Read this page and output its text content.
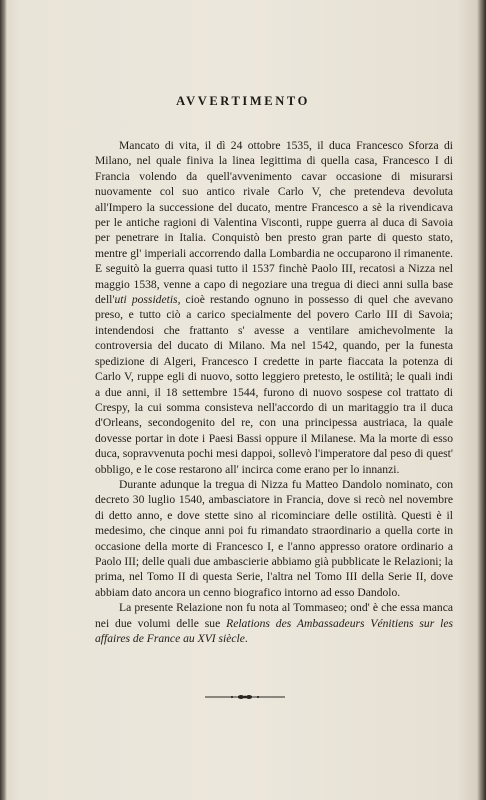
AVVERTIMENTO

Mancato di vita, il dì 24 ottobre 1535, il duca Francesco Sforza di Milano, nel quale finiva la linea legittima di quella casa, Francesco I di Francia volendo da quell'avvenimento cavar occasione di misurarsi nuovamente col suo antico rivale Carlo V, che pretendeva devoluta all'Impero la successione del ducato, mentre Francesco a sè la rivendicava per le antiche ragioni di Valentina Visconti, ruppe guerra al duca di Savoia per penetrare in Italia. Conquistò ben presto gran parte di questo stato, mentre gl' imperiali accorrendo dalla Lombardia ne occuparono il rimanente. E seguitò la guerra quasi tutto il 1537 finchè Paolo III, recatosi a Nizza nel maggio 1538, venne a capo di negoziare una tregua di dieci anni sulla base dell'uti possidetis, cioè restando ognuno in possesso di quel che avevano preso, e tutto ciò a carico specialmente del povero Carlo III di Savoia; intendendosi che frattanto s' avesse a ventilare amichevolmente la controversia del ducato di Milano. Ma nel 1542, quando, per la funesta spedizione di Algeri, Francesco I credette in parte fiaccata la potenza di Carlo V, ruppe egli di nuovo, sotto leggiero pretesto, le ostilità; le quali indi a due anni, il 18 settembre 1544, furono di nuovo sospese col trattato di Crespy, la cui somma consisteva nell'accordo di un maritaggio tra il duca d'Orleans, secondogenito del re, con una principessa austriaca, la quale dovesse portar in dote i Paesi Bassi oppure il Milanese. Ma la morte di esso duca, sopravvenuta pochi mesi dappoi, sollevò l'imperatore dal peso di quest' obbligo, e le cose restarono all' incirca come erano per lo innanzi.

Durante adunque la tregua di Nizza fu Matteo Dandolo nominato, con decreto 30 luglio 1540, ambasciatore in Francia, dove si recò nel novembre di detto anno, e dove stette sino al ricominciare delle ostilità. Questi è il medesimo, che cinque anni poi fu rimandato straordinario a quella corte in occasione della morte di Francesco I, e l'anno appresso oratore ordinario a Paolo III; delle quali due ambascierie abbiamo già pubblicate le Relazioni; la prima, nel Tomo II di questa Serie, l'altra nel Tomo III della Serie II, dove abbiam dato ancora un cenno biografico intorno ad esso Dandolo.

La presente Relazione non fu nota al Tommaseo; ond' è che essa manca nei due volumi delle sue Relations des Ambassadeurs Vénitiens sur les affaires de France au XVI siècle.
